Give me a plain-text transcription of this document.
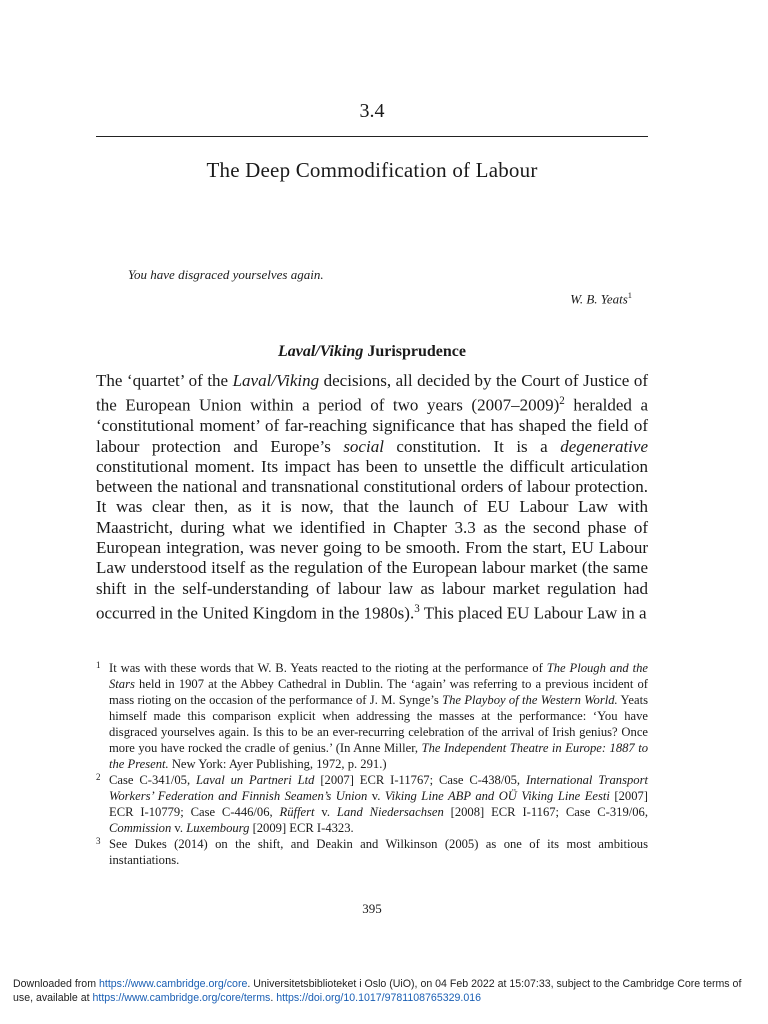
3.4
The Deep Commodification of Labour
You have disgraced yourselves again.
W. B. Yeats$^1$
Laval/Viking Jurisprudence
The ‘quartet’ of the Laval/Viking decisions, all decided by the Court of Justice of the European Union within a period of two years (2007–2009)$^2$ heralded a ‘constitutional moment’ of far-reaching significance that has shaped the field of labour protection and Europe’s social constitution. It is a degenerative constitutional moment. Its impact has been to unsettle the difficult articulation between the national and transnational constitutional orders of labour protection. It was clear then, as it is now, that the launch of EU Labour Law with Maastricht, during what we identified in Chapter 3.3 as the second phase of European integration, was never going to be smooth. From the start, EU Labour Law understood itself as the regulation of the European labour market (the same shift in the self-understanding of labour law as labour market regulation had occurred in the United Kingdom in the 1980s).$^3$ This placed EU Labour Law in a
1 It was with these words that W. B. Yeats reacted to the rioting at the performance of The Plough and the Stars held in 1907 at the Abbey Cathedral in Dublin. The ‘again’ was referring to a previous incident of mass rioting on the occasion of the performance of J. M. Synge’s The Playboy of the Western World. Yeats himself made this comparison explicit when addressing the masses at the performance: ‘You have disgraced yourselves again. Is this to be an ever-recurring celebration of the arrival of Irish genius? Once more you have rocked the cradle of genius.’ (In Anne Miller, The Independent Theatre in Europe: 1887 to the Present. New York: Ayer Publishing, 1972, p. 291.)
2 Case C-341/05, Laval un Partneri Ltd [2007] ECR I-11767; Case C-438/05, International Transport Workers’ Federation and Finnish Seamen’s Union v. Viking Line ABP and OÜ Viking Line Eesti [2007] ECR I-10779; Case C-446/06, Rüffert v. Land Niedersachsen [2008] ECR I-1167; Case C-319/06, Commission v. Luxembourg [2009] ECR I-4323.
3 See Dukes (2014) on the shift, and Deakin and Wilkinson (2005) as one of its most ambitious instantiations.
395
Downloaded from https://www.cambridge.org/core. Universitetsbiblioteket i Oslo (UiO), on 04 Feb 2022 at 15:07:33, subject to the Cambridge Core terms of use, available at https://www.cambridge.org/core/terms. https://doi.org/10.1017/9781108765329.016
